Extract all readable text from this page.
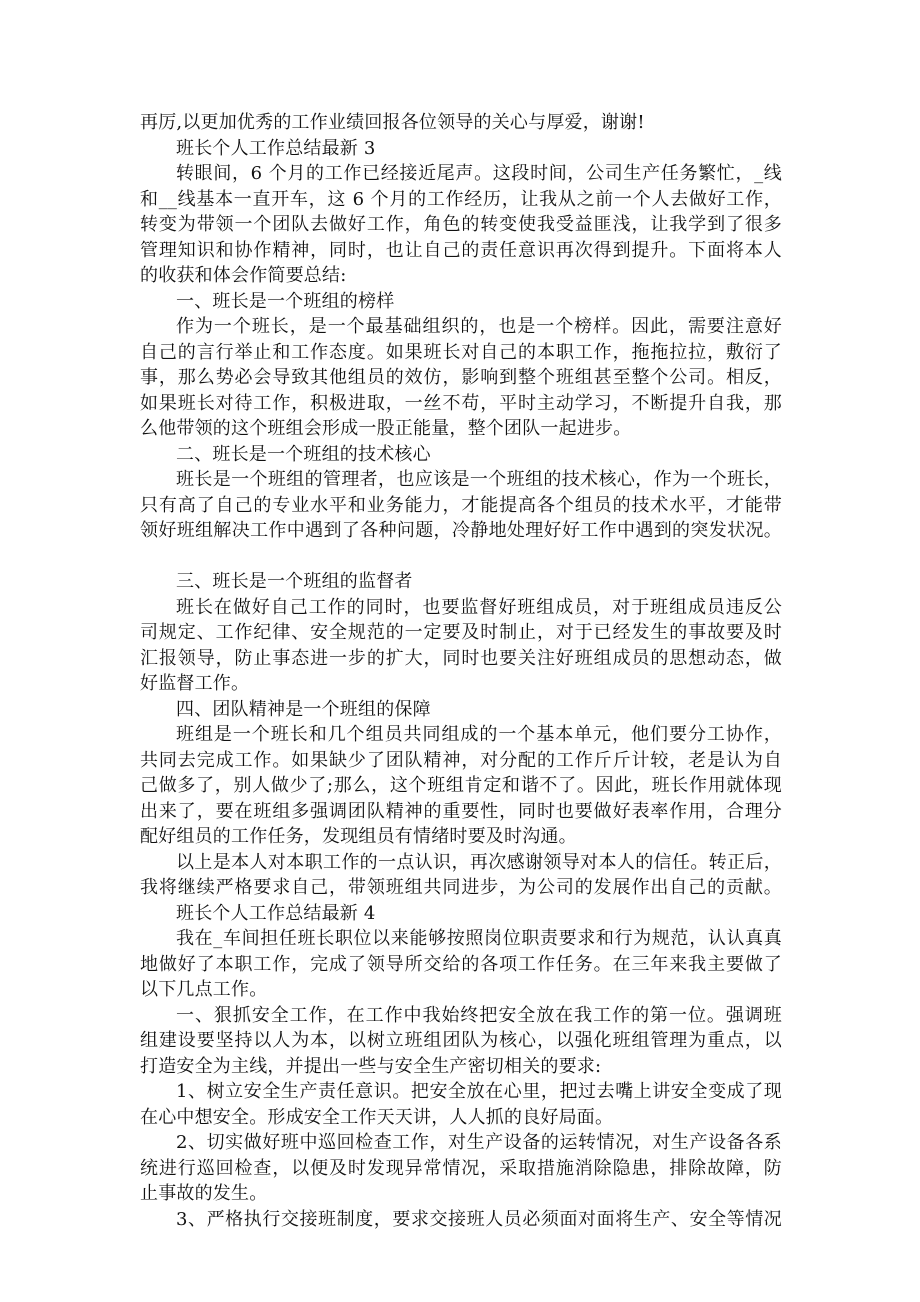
再厉,以更加优秀的工作业绩回报各位领导的关心与厚爱，谢谢!
班长个人工作总结最新 3
转眼间，6 个月的工作已经接近尾声。这段时间，公司生产任务繁忙，_线
和__线基本一直开车，这 6 个月的工作经历，让我从之前一个人去做好工作，
转变为带领一个团队去做好工作，角色的转变使我受益匪浅，让我学到了很多
管理知识和协作精神，同时，也让自己的责任意识再次得到提升。下面将本人
的收获和体会作简要总结:
一、班长是一个班组的榜样
作为一个班长，是一个最基础组织的，也是一个榜样。因此，需要注意好
自己的言行举止和工作态度。如果班长对自己的本职工作，拖拖拉拉，敷衍了
事，那么势必会导致其他组员的效仿，影响到整个班组甚至整个公司。相反，
如果班长对待工作，积极进取，一丝不苟，平时主动学习，不断提升自我，那
么他带领的这个班组会形成一股正能量，整个团队一起进步。
二、班长是一个班组的技术核心
班长是一个班组的管理者，也应该是一个班组的技术核心，作为一个班长，
只有高了自己的专业水平和业务能力，才能提高各个组员的技术水平，才能带
领好班组解决工作中遇到了各种问题，冷静地处理好好工作中遇到的突发状况。
三、班长是一个班组的监督者
班长在做好自己工作的同时，也要监督好班组成员，对于班组成员违反公
司规定、工作纪律、安全规范的一定要及时制止，对于已经发生的事故要及时
汇报领导，防止事态进一步的扩大，同时也要关注好班组成员的思想动态，做
好监督工作。
四、团队精神是一个班组的保障
班组是一个班长和几个组员共同组成的一个基本单元，他们要分工协作，
共同去完成工作。如果缺少了团队精神，对分配的工作斤斤计较，老是认为自
己做多了，别人做少了;那么，这个班组肯定和谐不了。因此，班长作用就体现
出来了，要在班组多强调团队精神的重要性，同时也要做好表率作用，合理分
配好组员的工作任务，发现组员有情绪时要及时沟通。
以上是本人对本职工作的一点认识，再次感谢领导对本人的信任。转正后，
我将继续严格要求自己，带领班组共同进步，为公司的发展作出自己的贡献。
班长个人工作总结最新 4
我在_车间担任班长职位以来能够按照岗位职责要求和行为规范，认认真真
地做好了本职工作，完成了领导所交给的各项工作任务。在三年来我主要做了
以下几点工作。
一、狠抓安全工作，在工作中我始终把安全放在我工作的第一位。强调班
组建设要坚持以人为本，以树立班组团队为核心，以强化班组管理为重点，以
打造安全为主线，并提出一些与安全生产密切相关的要求:
1、树立安全生产责任意识。把安全放在心里，把过去嘴上讲安全变成了现
在心中想安全。形成安全工作天天讲，人人抓的良好局面。
2、切实做好班中巡回检查工作，对生产设备的运转情况，对生产设备各系
统进行巡回检查，以便及时发现异常情况，采取措施消除隐患，排除故障，防
止事故的发生。
3、严格执行交接班制度，要求交接班人员必须面对面将生产、安全等情况
